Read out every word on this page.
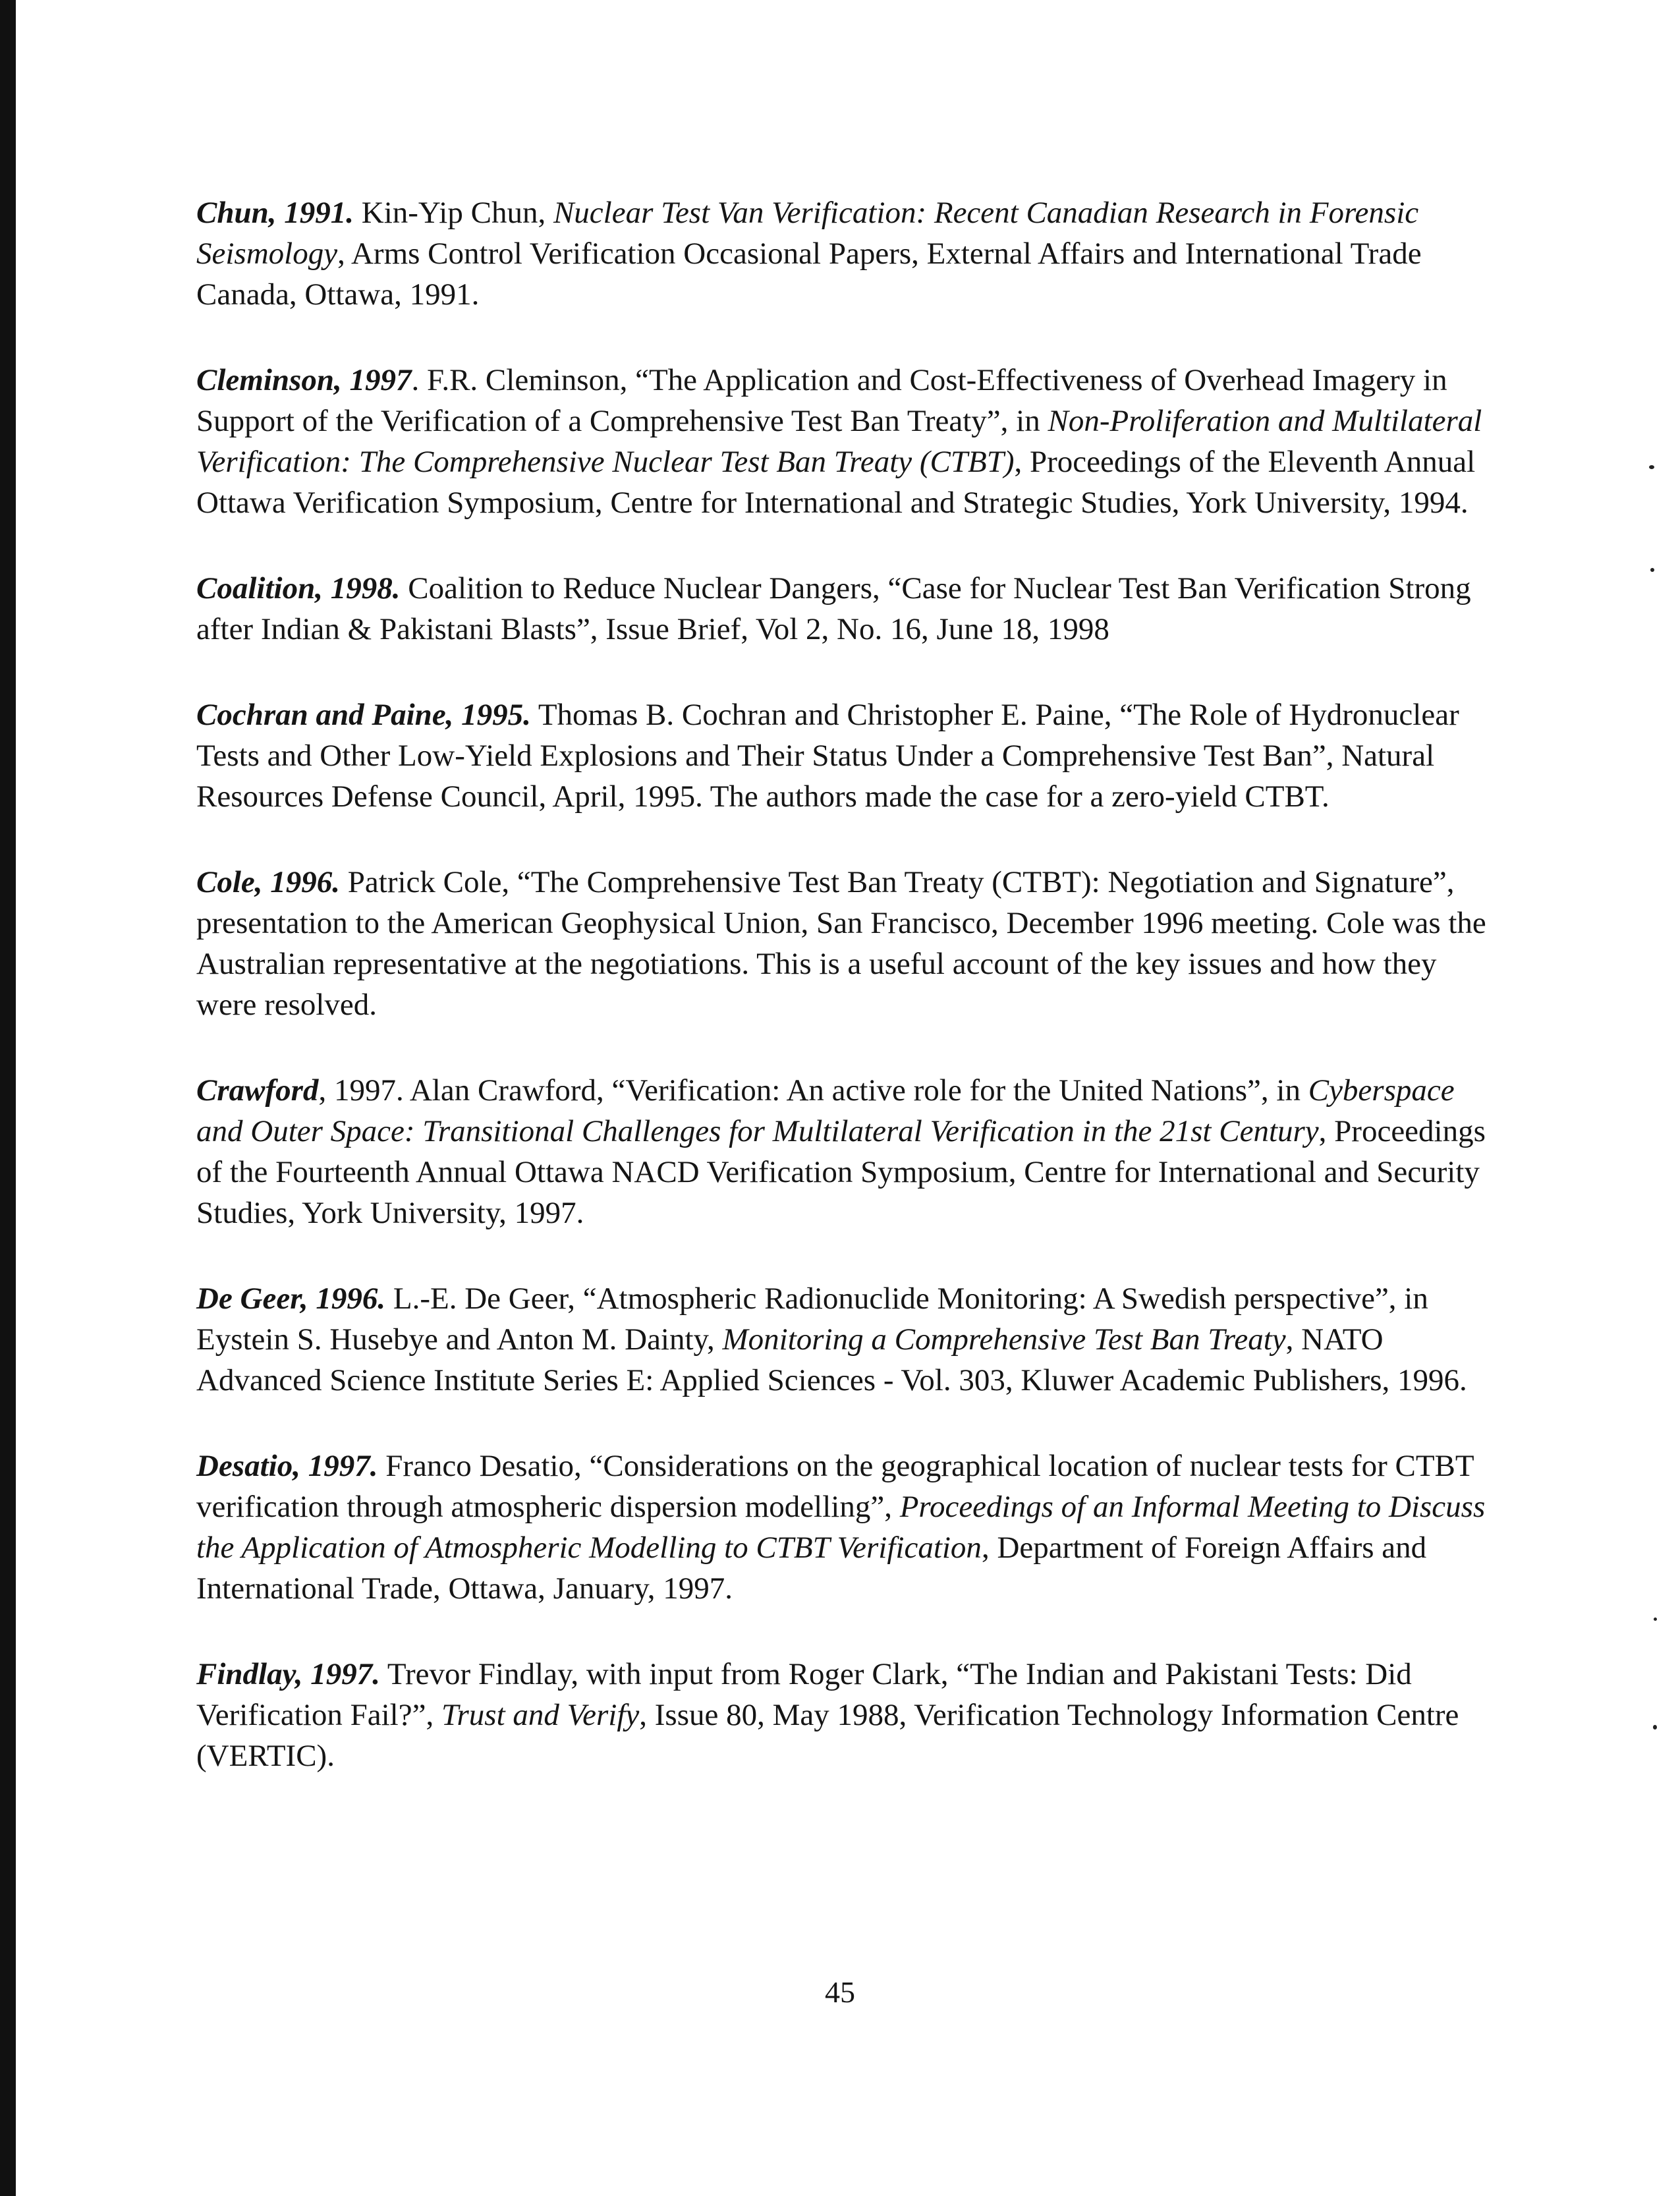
Chun, 1991. Kin-Yip Chun, Nuclear Test Van Verification: Recent Canadian Research in Forensic Seismology, Arms Control Verification Occasional Papers, External Affairs and International Trade Canada, Ottawa, 1991.

Cleminson, 1997. F.R. Cleminson, “The Application and Cost-Effectiveness of Overhead Imagery in Support of the Verification of a Comprehensive Test Ban Treaty”, in Non-Proliferation and Multilateral Verification: The Comprehensive Nuclear Test Ban Treaty (CTBT), Proceedings of the Eleventh Annual Ottawa Verification Symposium, Centre for International and Strategic Studies, York University, 1994.

Coalition, 1998. Coalition to Reduce Nuclear Dangers, “Case for Nuclear Test Ban Verification Strong after Indian & Pakistani Blasts”, Issue Brief, Vol 2, No. 16, June 18, 1998

Cochran and Paine, 1995. Thomas B. Cochran and Christopher E. Paine, “The Role of Hydronuclear Tests and Other Low-Yield Explosions and Their Status Under a Comprehensive Test Ban”, Natural Resources Defense Council, April, 1995. The authors made the case for a zero-yield CTBT.

Cole, 1996. Patrick Cole, “The Comprehensive Test Ban Treaty (CTBT): Negotiation and Signature”, presentation to the American Geophysical Union, San Francisco, December 1996 meeting. Cole was the Australian representative at the negotiations. This is a useful account of the key issues and how they were resolved.

Crawford, 1997. Alan Crawford, “Verification: An active role for the United Nations”, in Cyberspace and Outer Space: Transitional Challenges for Multilateral Verification in the 21st Century, Proceedings of the Fourteenth Annual Ottawa NACD Verification Symposium, Centre for International and Security Studies, York University, 1997.

De Geer, 1996. L.-E. De Geer, “Atmospheric Radionuclide Monitoring: A Swedish perspective”, in Eystein S. Husebye and Anton M. Dainty, Monitoring a Comprehensive Test Ban Treaty, NATO Advanced Science Institute Series E: Applied Sciences - Vol. 303, Kluwer Academic Publishers, 1996.

Desatio, 1997. Franco Desatio, “Considerations on the geographical location of nuclear tests for CTBT verification through atmospheric dispersion modelling”, Proceedings of an Informal Meeting to Discuss the Application of Atmospheric Modelling to CTBT Verification, Department of Foreign Affairs and International Trade, Ottawa, January, 1997.

Findlay, 1997. Trevor Findlay, with input from Roger Clark, “The Indian and Pakistani Tests: Did Verification Fail?”, Trust and Verify, Issue 80, May 1988, Verification Technology Information Centre (VERTIC).

45
